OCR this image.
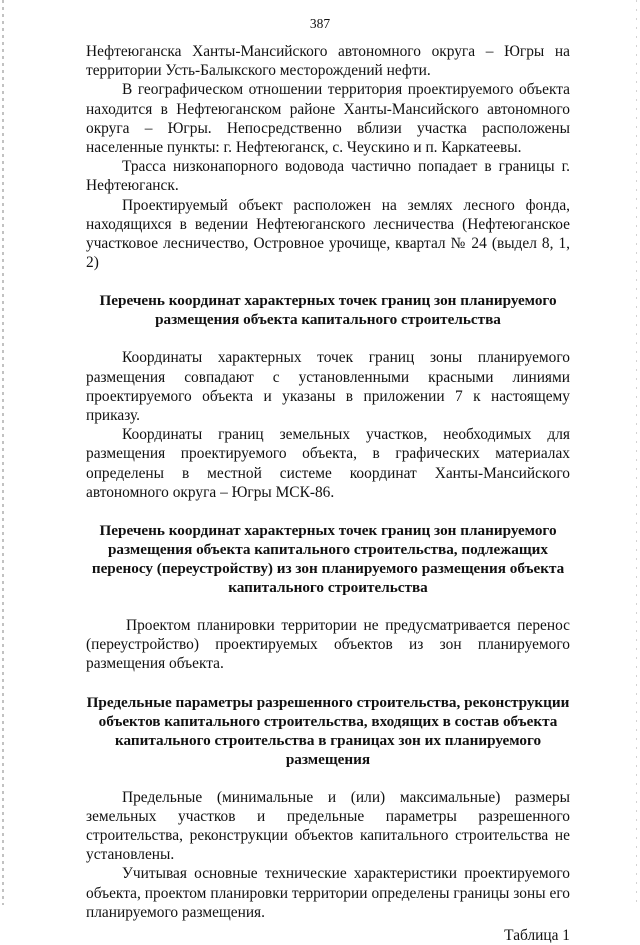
387

Нефтеюганска Ханты-Мансийского автономного округа – Югры на территории Усть-Балыкского месторождений нефти.

В географическом отношении территория проектируемого объекта находится в Нефтеюганском районе Ханты-Мансийского автономного округа – Югры. Непосредственно вблизи участка расположены населенные пункты: г. Нефтеюганск, с. Чеускино и п. Каркатеевы.

Трасса низконапорного водовода частично попадает в границы г. Нефтеюганск.

Проектируемый объект расположен на землях лесного фонда, находящихся в ведении Нефтеюганского лесничества (Нефтеюганское участковое лесничество, Островное урочище, квартал № 24 (выдел 8, 1, 2)

Перечень координат характерных точек границ зон планируемого размещения объекта капитального строительства

Координаты характерных точек границ зоны планируемого размещения совпадают с установленными красными линиями проектируемого объекта и указаны в приложении 7 к настоящему приказу.

Координаты границ земельных участков, необходимых для размещения проектируемого объекта, в графических материалах определены в местной системе координат Ханты-Мансийского автономного округа – Югры МСК-86.

Перечень координат характерных точек границ зон планируемого размещения объекта капитального строительства, подлежащих переносу (переустройству) из зон планируемого размещения объекта капитального строительства

Проектом планировки территории не предусматривается перенос (переустройство) проектируемых объектов из зон планируемого размещения объекта.

Предельные параметры разрешенного строительства, реконструкции объектов капитального строительства, входящих в состав объекта капитального строительства в границах зон их планируемого размещения

Предельные (минимальные и (или) максимальные) размеры земельных участков и предельные параметры разрешенного строительства, реконструкции объектов капитального строительства не установлены.

Учитывая основные технические характеристики проектируемого объекта, проектом планировки территории определены границы зоны его планируемого размещения.

Таблица 1
